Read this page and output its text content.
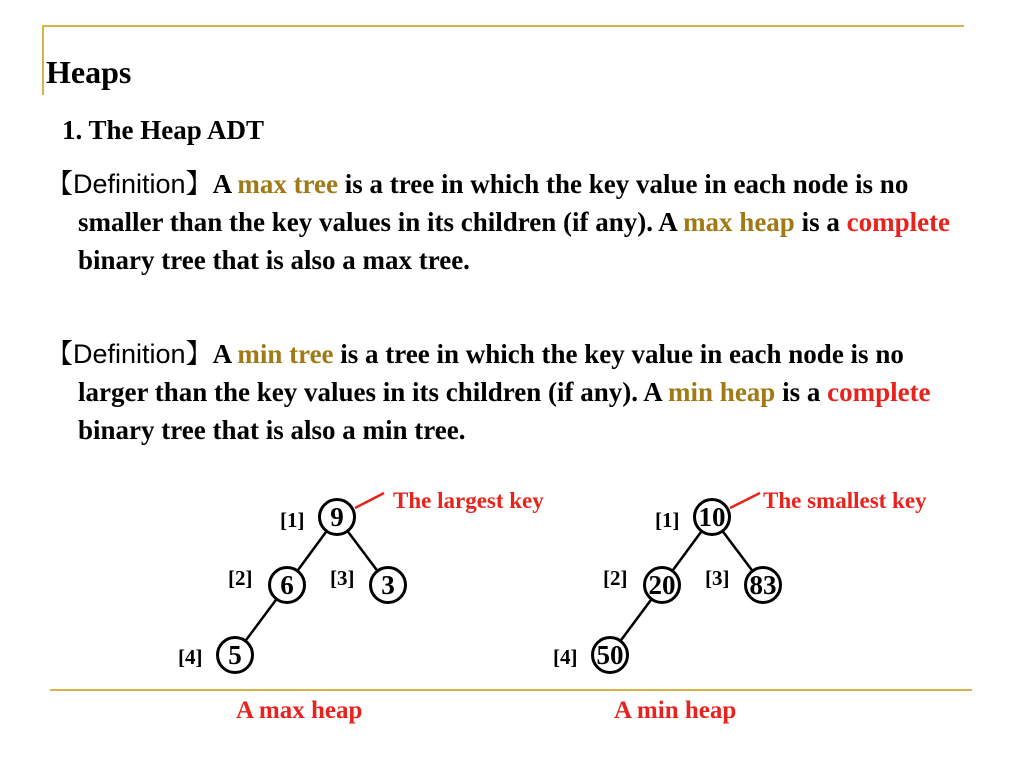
Heaps
1. The Heap ADT

【Definition】A max tree is a tree in which the key value in each node is no smaller than the key values in its children (if any). A max heap is a complete binary tree that is also a max tree.

【Definition】A min tree is a tree in which the key value in each node is no larger than the key values in its children (if any). A min heap is a complete binary tree that is also a min tree.

9
6	3
5
[1]
[2]	[3]
[4]
The largest key
A max heap
10
20	83
50
[1]
[2]	[3]
[4]
The smallest key
A min heap
